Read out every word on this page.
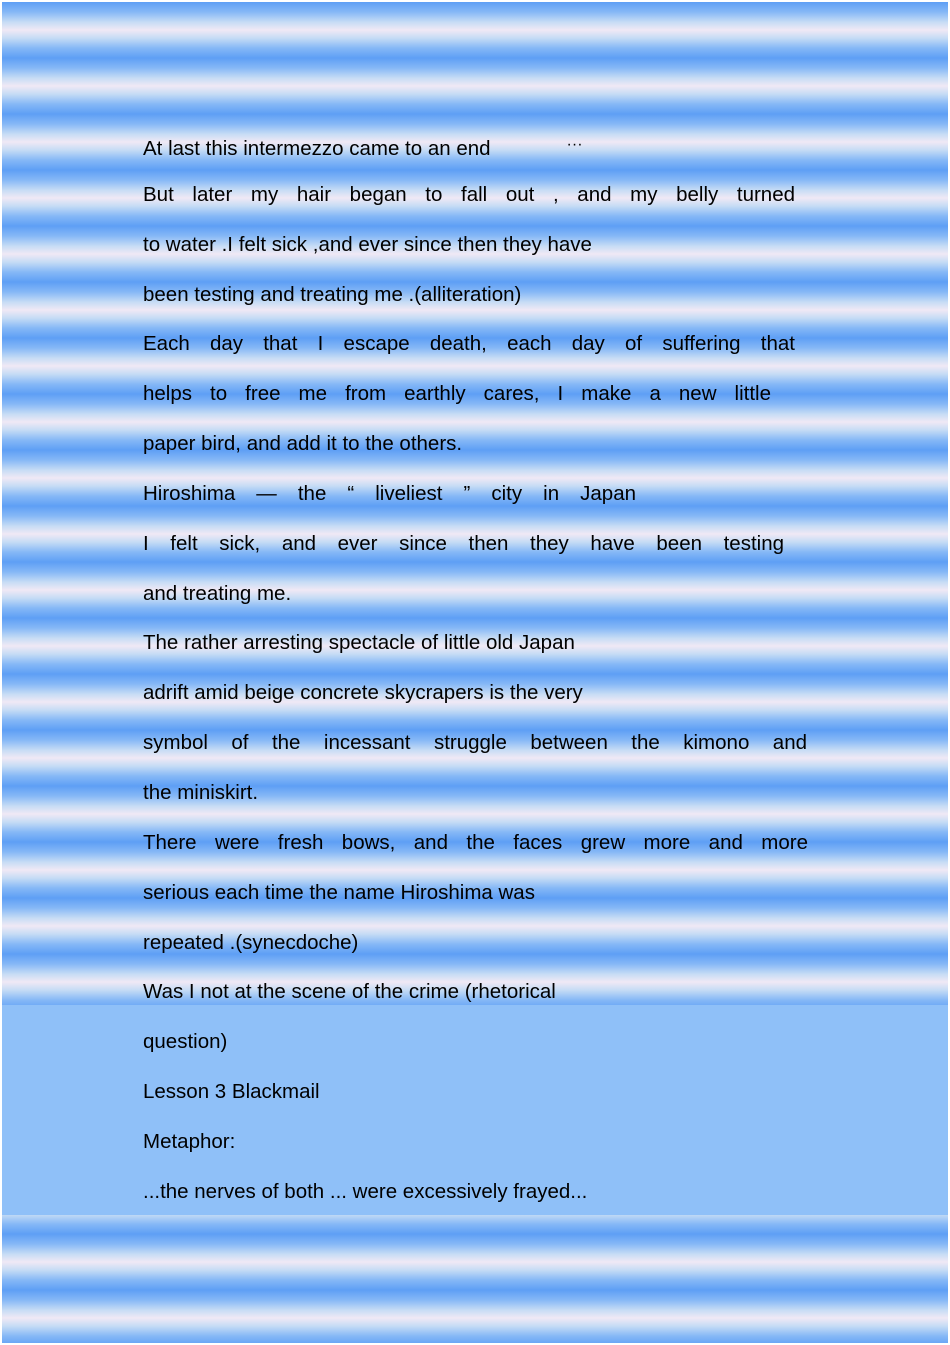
At last this intermezzo came to an end	···
But later my hair began to fall out , and my belly turned
to water .I felt sick ,and ever since then they have
been testing and treating me .(alliteration)
Each day that I escape death, each day of suffering that
helps to free me from earthly cares, I make a new little
paper bird, and add it to the others.
Hiroshima — the “ liveliest ” city in Japan
I felt sick, and ever since then they have been testing
and treating me.
The rather arresting spectacle of little old Japan
adrift amid beige concrete skycrapers is the very
symbol of the incessant struggle between the kimono and
the miniskirt.
There were fresh bows, and the faces grew more and more
serious each time the name Hiroshima was
repeated .(synecdoche)
Was I not at the scene of the crime (rhetorical
question)
Lesson 3 Blackmail
Metaphor:
...the nerves of both ... were excessively frayed...
